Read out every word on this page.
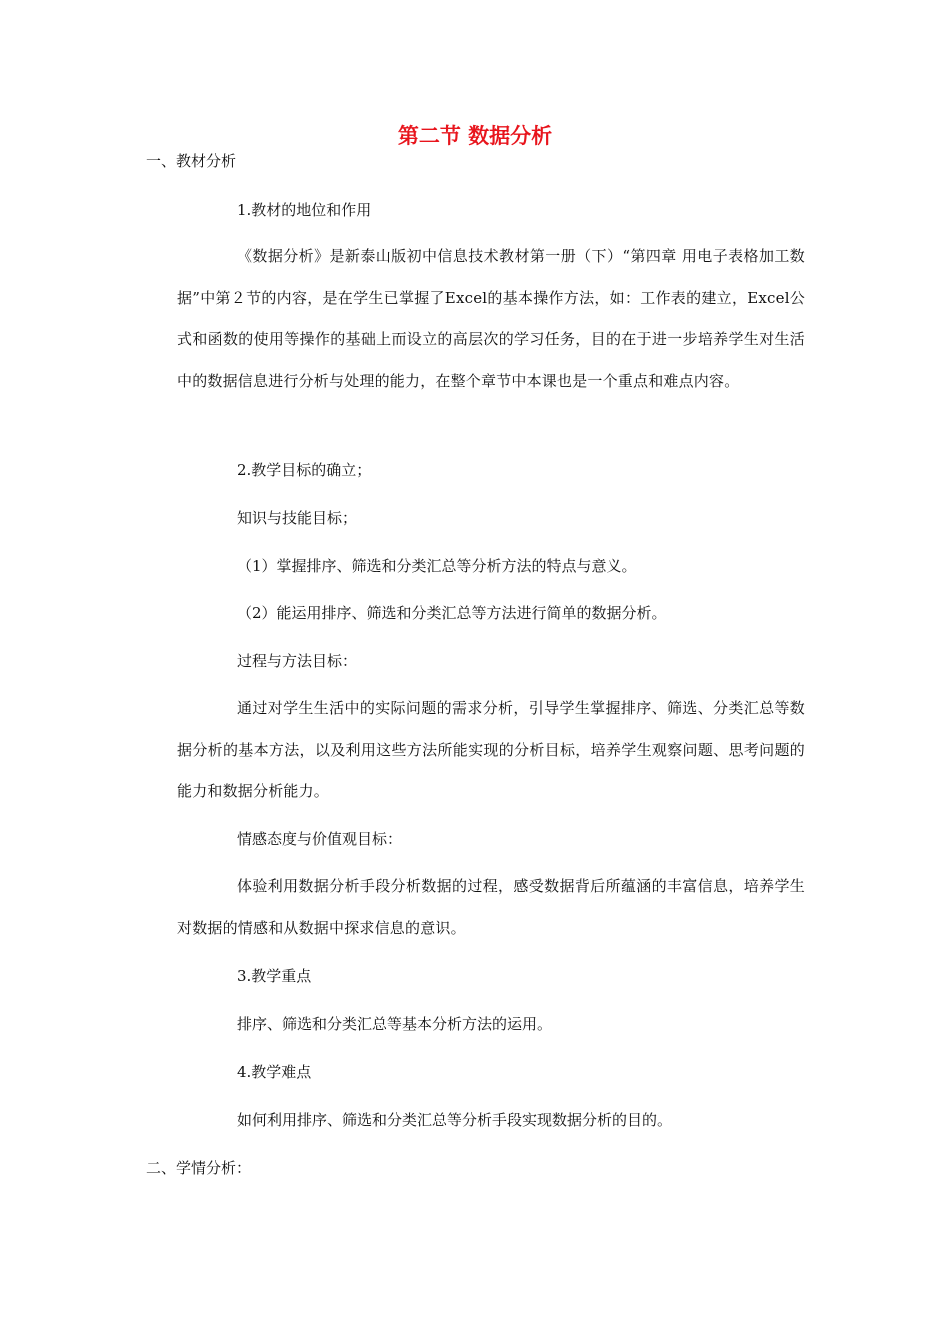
第二节 数据分析
一、教材分析
1.教材的地位和作用
《数据分析》是新泰山版初中信息技术教材第一册（下）“第四章 用电子表格加工数据”中第２节的内容，是在学生已掌握了Excel的基本操作方法，如：工作表的建立，Excel公式和函数的使用等操作的基础上而设立的高层次的学习任务，目的在于进一步培养学生对生活中的数据信息进行分析与处理的能力，在整个章节中本课也是一个重点和难点内容。
2.教学目标的确立；
知识与技能目标；
（1）掌握排序、筛选和分类汇总等分析方法的特点与意义。
（2）能运用排序、筛选和分类汇总等方法进行简单的数据分析。
过程与方法目标：
通过对学生生活中的实际问题的需求分析，引导学生掌握排序、筛选、分类汇总等数据分析的基本方法，以及利用这些方法所能实现的分析目标，培养学生观察问题、思考问题的能力和数据分析能力。
情感态度与价值观目标：
体验利用数据分析手段分析数据的过程，感受数据背后所蕴涵的丰富信息，培养学生对数据的情感和从数据中探求信息的意识。
3.教学重点
排序、筛选和分类汇总等基本分析方法的运用。
4.教学难点
如何利用排序、筛选和分类汇总等分析手段实现数据分析的目的。
二、学情分析：
